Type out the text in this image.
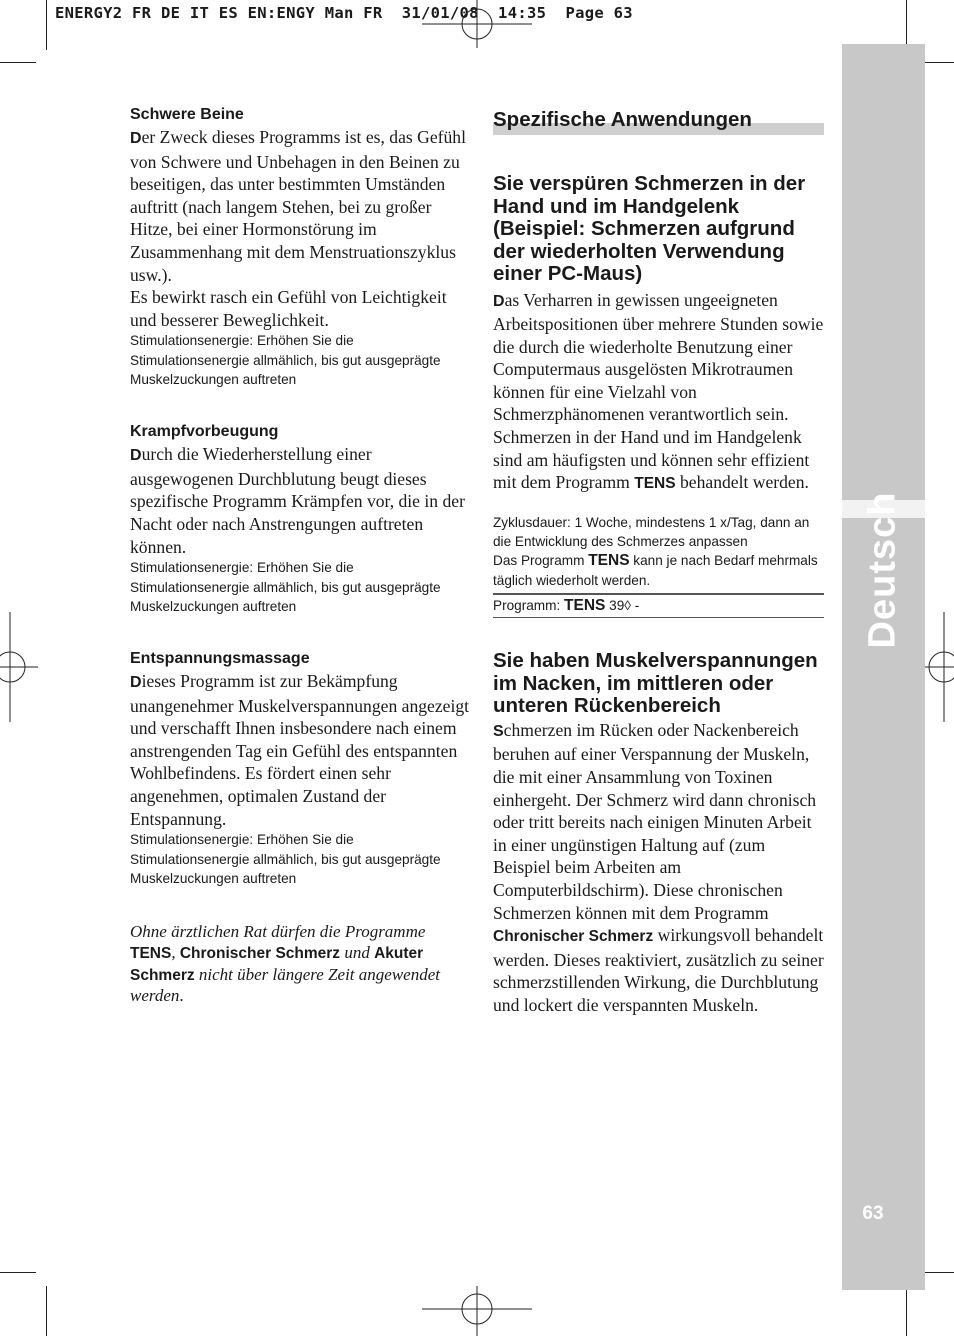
ENERGY2 FR DE IT ES EN:ENGY Man FR  31/01/08  14:35  Page 63
Schwere Beine

Der Zweck dieses Programms ist es, das Gefühl von Schwere und Unbehagen in den Beinen zu beseitigen, das unter bestimmten Umständen auftritt (nach langem Stehen, bei zu großer Hitze, bei einer Hormonstörung im Zusammenhang mit dem Menstruationszyklus usw.).

Es bewirkt rasch ein Gefühl von Leichtigkeit und besserer Beweglichkeit.

Stimulationsenergie: Erhöhen Sie die Stimulationsenergie allmählich, bis gut ausgeprägte Muskelzuckungen auftreten

Krampfvorbeugung

Durch die Wiederherstellung einer ausgewogenen Durchblutung beugt dieses spezifische Programm Krämpfen vor, die in der Nacht oder nach Anstrengungen auftreten können.

Stimulationsenergie: Erhöhen Sie die Stimulationsenergie allmählich, bis gut ausgeprägte Muskelzuckungen auftreten

Entspannungsmassage

Dieses Programm ist zur Bekämpfung unangenehmer Muskelverspannungen angezeigt und verschafft Ihnen insbesondere nach einem anstrengenden Tag ein Gefühl des entspannten Wohlbefindens. Es fördert einen sehr angenehmen, optimalen Zustand der Entspannung.

Stimulationsenergie: Erhöhen Sie die Stimulationsenergie allmählich, bis gut ausgeprägte Muskelzuckungen auftreten

Ohne ärztlichen Rat dürfen die Programme TENS, Chronischer Schmerz und Akuter Schmerz nicht über längere Zeit angewendet werden.

Spezifische Anwendungen

Sie verspüren Schmerzen in der Hand und im Handgelenk (Beispiel: Schmerzen aufgrund der wiederholten Verwendung einer PC-Maus)

Das Verharren in gewissen ungeeigneten Arbeitspositionen über mehrere Stunden sowie die durch die wiederholte Benutzung einer Computermaus ausgelösten Mikrotraumen können für eine Vielzahl von Schmerzphänomenen verantwortlich sein. Schmerzen in der Hand und im Handgelenk sind am häufigsten und können sehr effizient mit dem Programm TENS behandelt werden.

Zyklusdauer: 1 Woche, mindestens 1 x/Tag, dann an die Entwicklung des Schmerzes anpassen

Das Programm TENS kann je nach Bedarf mehrmals täglich wiederholt werden.

Programm: TENS 39◊ -

Sie haben Muskelverspannungen im Nacken, im mittleren oder unteren Rückenbereich

Schmerzen im Rücken oder Nackenbereich beruhen auf einer Verspannung der Muskeln, die mit einer Ansammlung von Toxinen einhergeht. Der Schmerz wird dann chronisch oder tritt bereits nach einigen Minuten Arbeit in einer ungünstigen Haltung auf (zum Beispiel beim Arbeiten am Computerbildschirm). Diese chronischen Schmerzen können mit dem Programm Chronischer Schmerz wirkungsvoll behandelt werden. Dieses reaktiviert, zusätzlich zu seiner schmerzstillenden Wirkung, die Durchblutung und lockert die verspannten Muskeln.

Deutsch
63
